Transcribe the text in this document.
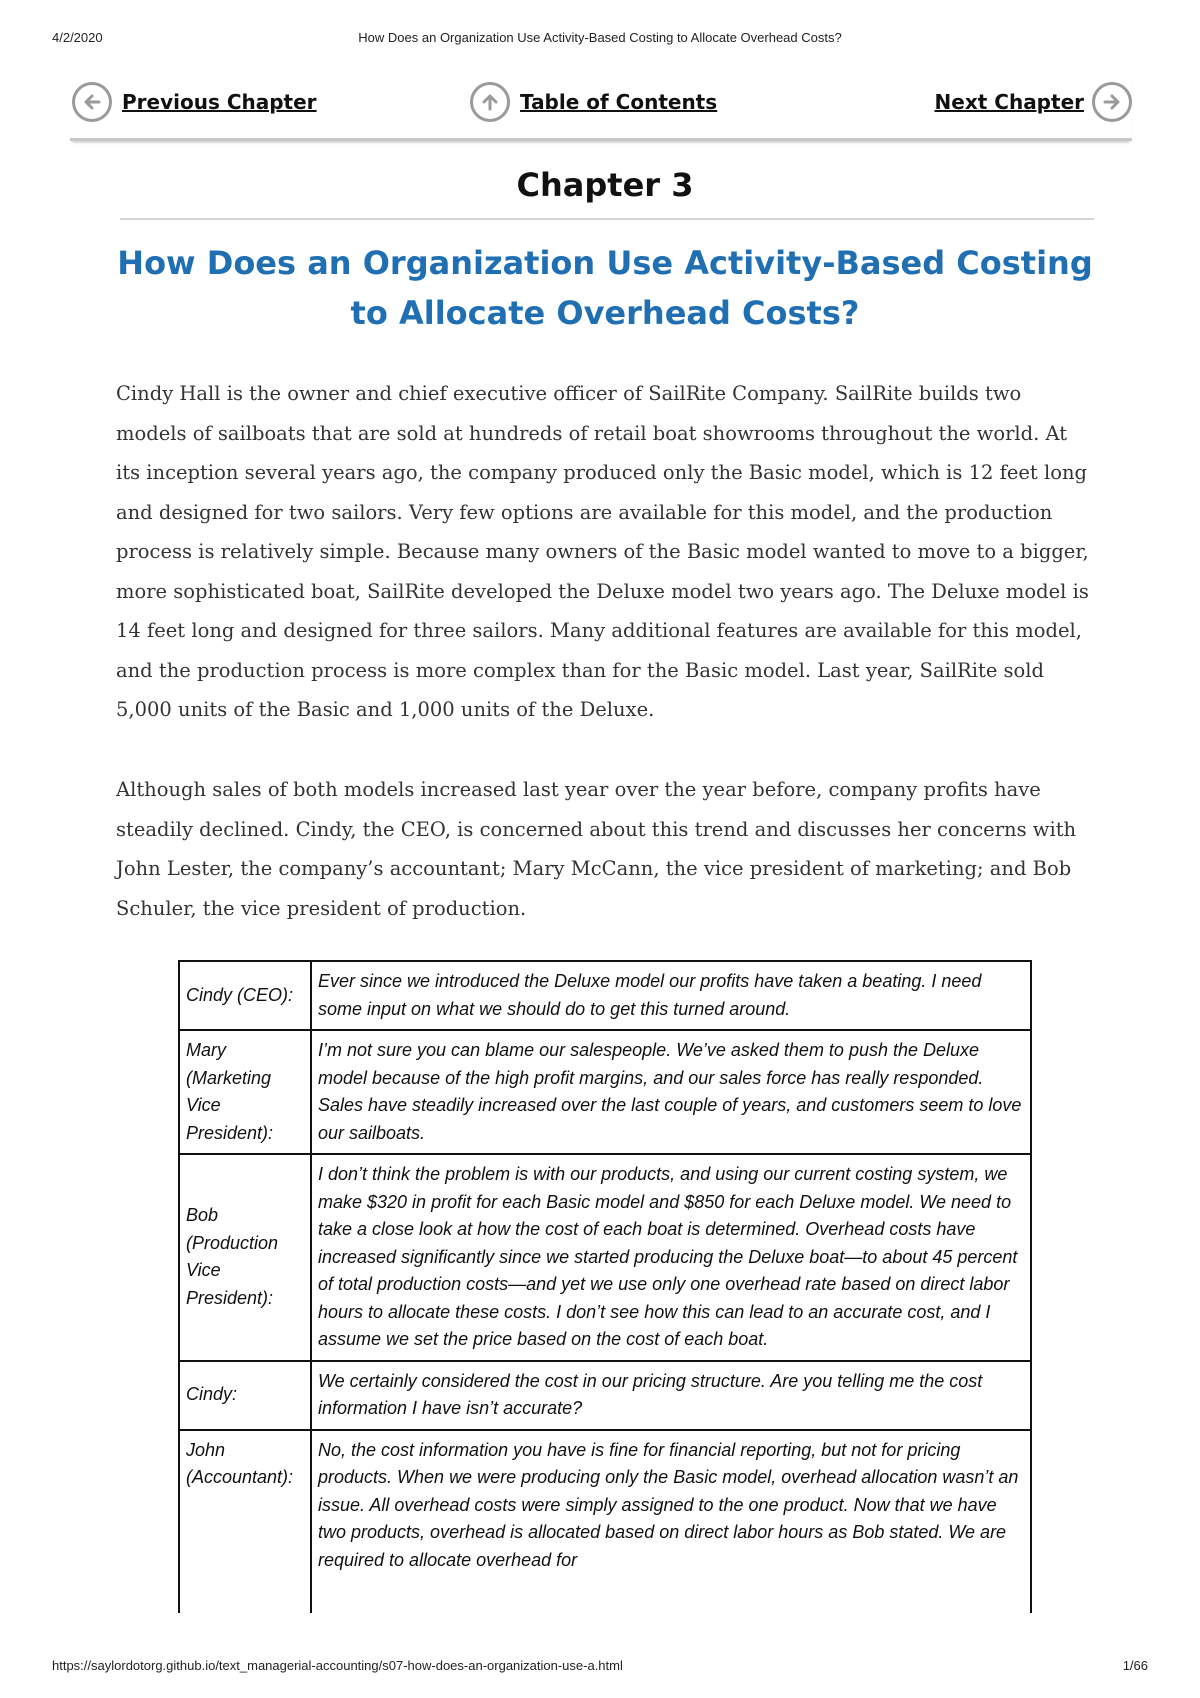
4/2/2020	How Does an Organization Use Activity-Based Costing to Allocate Overhead Costs?
Previous Chapter	Table of Contents	Next Chapter
Chapter 3
How Does an Organization Use Activity-Based Costing to Allocate Overhead Costs?

Cindy Hall is the owner and chief executive officer of SailRite Company. SailRite builds two models of sailboats that are sold at hundreds of retail boat showrooms throughout the world. At its inception several years ago, the company produced only the Basic model, which is 12 feet long and designed for two sailors. Very few options are available for this model, and the production process is relatively simple. Because many owners of the Basic model wanted to move to a bigger, more sophisticated boat, SailRite developed the Deluxe model two years ago. The Deluxe model is 14 feet long and designed for three sailors. Many additional features are available for this model, and the production process is more complex than for the Basic model. Last year, SailRite sold 5,000 units of the Basic and 1,000 units of the Deluxe.

Although sales of both models increased last year over the year before, company profits have steadily declined. Cindy, the CEO, is concerned about this trend and discusses her concerns with John Lester, the company’s accountant; Mary McCann, the vice president of marketing; and Bob Schuler, the vice president of production.

Cindy (CEO):	Ever since we introduced the Deluxe model our profits have taken a beating. I need some input on what we should do to get this turned around.
Mary (Marketing Vice President):	I’m not sure you can blame our salespeople. We’ve asked them to push the Deluxe model because of the high profit margins, and our sales force has really responded. Sales have steadily increased over the last couple of years, and customers seem to love our sailboats.
Bob (Production Vice President):	I don’t think the problem is with our products, and using our current costing system, we make $320 in profit for each Basic model and $850 for each Deluxe model. We need to take a close look at how the cost of each boat is determined. Overhead costs have increased significantly since we started producing the Deluxe boat—to about 45 percent of total production costs—and yet we use only one overhead rate based on direct labor hours to allocate these costs. I don’t see how this can lead to an accurate cost, and I assume we set the price based on the cost of each boat.
Cindy:	We certainly considered the cost in our pricing structure. Are you telling me the cost information I have isn’t accurate?
John (Accountant):	No, the cost information you have is fine for financial reporting, but not for pricing products. When we were producing only the Basic model, overhead allocation wasn’t an issue. All overhead costs were simply assigned to the one product. Now that we have two products, overhead is allocated based on direct labor hours as Bob stated. We are required to allocate overhead for
https://saylordotorg.github.io/text_managerial-accounting/s07-how-does-an-organization-use-a.html	1/66
